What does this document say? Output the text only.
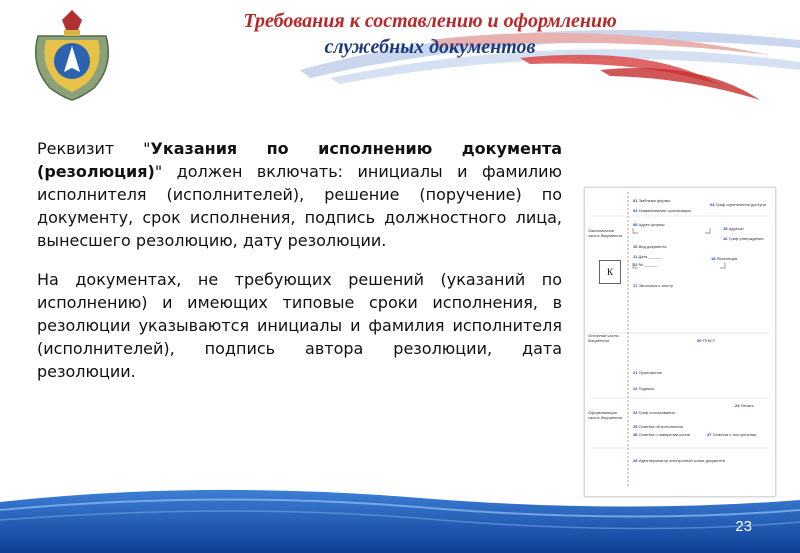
Требования к составлению и оформлению
служебных документов

Реквизит "Указания по исполнению документа (резолюция)" должен включать: инициалы и фамилию исполнителя (исполнителей), решение (поручение) по документу, срок исполнения, подпись должностного лица, вынесшего резолюцию, дату резолюции.

На документах, не требующих решений (указаний по исполнению) и имеющих типовые сроки исполнения, в резолюции указываются инициалы и фамилия исполнителя (исполнителей), подпись автора резолюции, дата резолюции.

Заголовочная часть документа
Основная часть документа
Оформляющая часть документа
К
01 Эмблема формы
03 Граф ограничения доступа
04 Наименование организации
08 Адрес формы
15 Адресат
10 Вид документа
16 Гриф утверждения
11 Дата ______
12 № ______
18 Резолюция
17 Заголовок к тексту
20 ТЕКСТ
21 Приложение
22 Подпись
23 Гриф согласования
24 Печать
25 Отметка об исполнении
26 Отметка о заверении копии	27 Отметка о поступлении
28 Идентификатор электронной копии документа
23
